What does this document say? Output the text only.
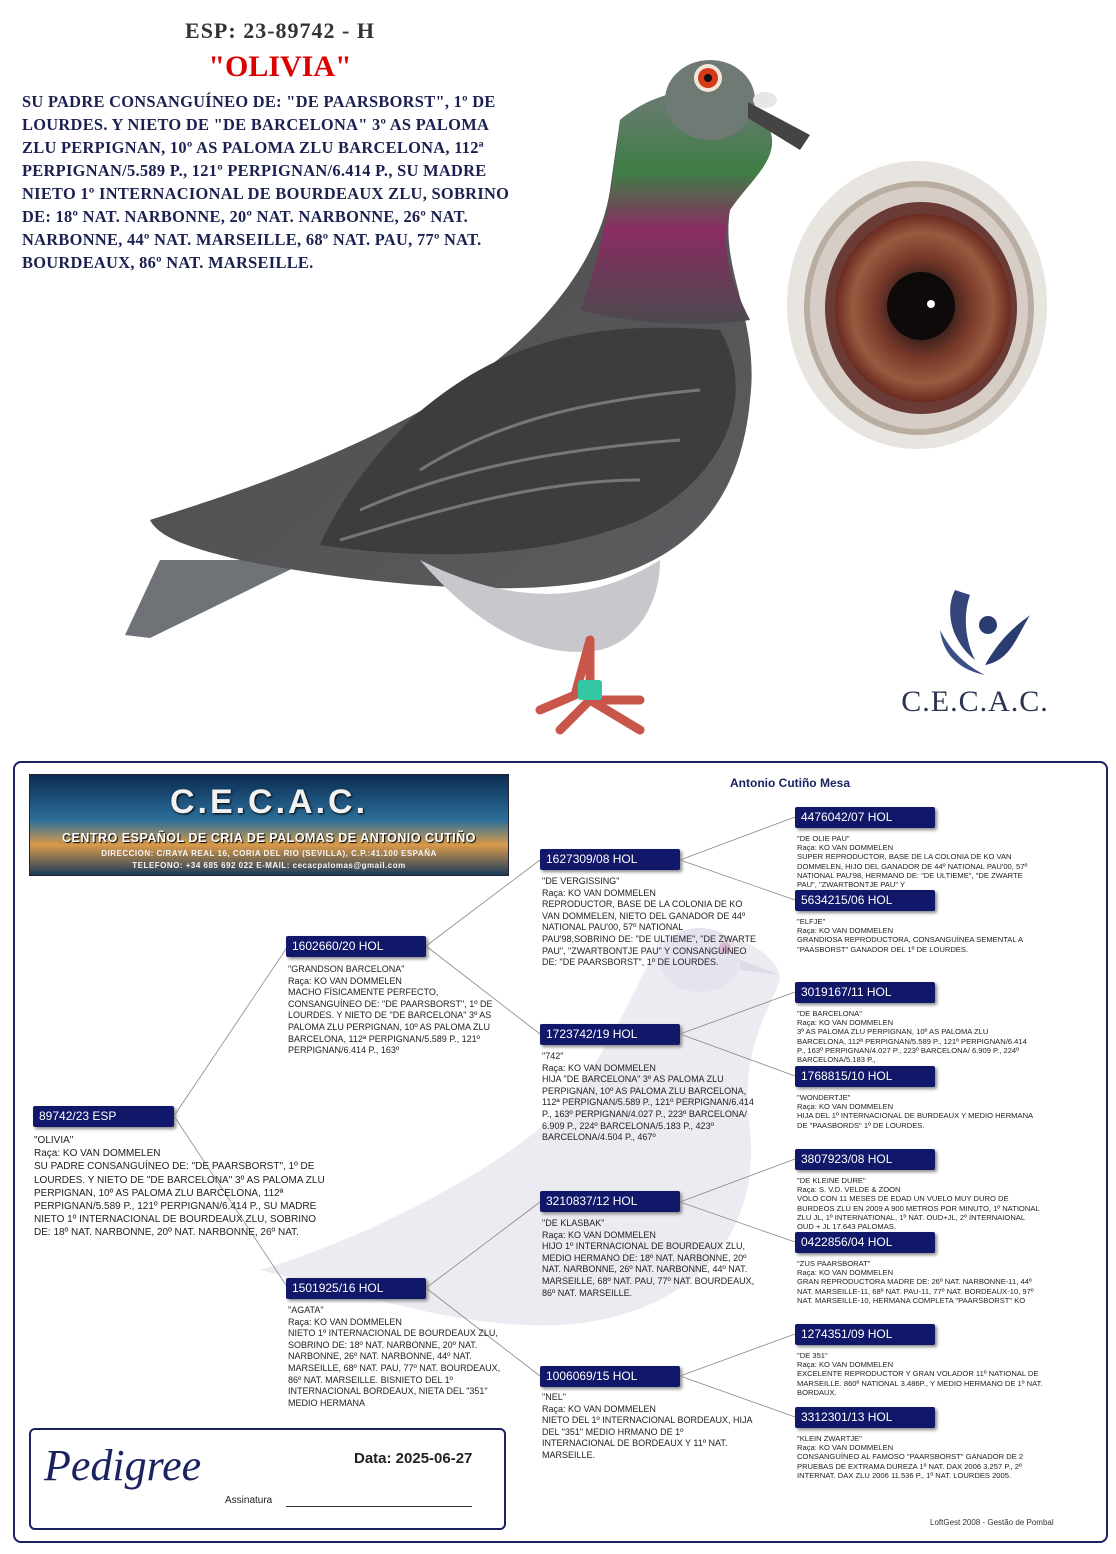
ESP: 23-89742 - H
"OLIVIA"
SU PADRE CONSANGUÍNEO DE: "DE PAARSBORST", 1º DE LOURDES. Y NIETO DE "DE BARCELONA" 3º AS PALOMA ZLU PERPIGNAN, 10º AS PALOMA ZLU BARCELONA, 112ª PERPIGNAN/5.589 P., 121º PERPIGNAN/6.414 P., SU MADRE NIETO 1º INTERNACIONAL DE BOURDEAUX ZLU, SOBRINO DE: 18º NAT. NARBONNE, 20º NAT. NARBONNE, 26º NAT. NARBONNE, 44º NAT. MARSEILLE, 68º NAT. PAU, 77º NAT. BOURDEAUX, 86º NAT. MARSEILLE.
C.E.C.A.C.
C.E.C.A.C.
CENTRO ESPAÑOL DE CRIA DE PALOMAS DE ANTONIO CUTIÑO
DIRECCION: C/RAYA REAL 16, CORIA DEL RIO (SEVILLA), C.P.:41.100 ESPAÑA
TELEFONO: +34 685 692 022 E-MAIL: cecacpalomas@gmail.com
Antonio Cutiño Mesa
89742/23 ESP
"OLIVIA"
Raça: KO VAN DOMMELEN
SU PADRE CONSANGUÍNEO DE: "DE PAARSBORST", 1º DE LOURDES. Y NIETO DE "DE BARCELONA" 3º AS PALOMA ZLU PERPIGNAN, 10º AS PALOMA ZLU BARCELONA, 112ª PERPIGNAN/5.589 P., 121º PERPIGNAN/6.414 P., SU MADRE NIETO 1º INTERNACIONAL DE BOURDEAUX ZLU, SOBRINO DE: 18º NAT. NARBONNE, 20º NAT. NARBONNE, 26º NAT.
1602660/20 HOL
"GRANDSON BARCELONA"
Raça: KO VAN DOMMELEN
MACHO FÍSICAMENTE PERFECTO, CONSANGUÍNEO DE: "DE PAARSBORST", 1º DE LOURDES. Y NIETO DE "DE BARCELONA" 3º AS PALOMA ZLU PERPIGNAN, 10º AS PALOMA ZLU BARCELONA, 112ª PERPIGNAN/5.589 P., 121º PERPIGNAN/6.414 P., 163º
1501925/16 HOL
"AGATA"
Raça: KO VAN DOMMELEN
NIETO 1º INTERNACIONAL DE BOURDEAUX ZLU, SOBRINO DE: 18º NAT. NARBONNE, 20º NAT. NARBONNE, 26º NAT. NARBONNE, 44º NAT. MARSEILLE, 68º NAT. PAU, 77º NAT. BOURDEAUX, 86º NAT. MARSEILLE. BISNIETO DEL 1º INTERNACIONAL BORDEAUX, NIETA DEL "351" MEDIO HERMANA
1627309/08 HOL
"DE VERGISSING"
Raça: KO VAN DOMMELEN
REPRODUCTOR, BASE DE LA COLONIA DE KO VAN DOMMELEN, NIETO DEL GANADOR DE 44º NATIONAL PAU'00, 57º NATIONAL PAU'98,SOBRINO DE: "DE ULTIEME", "DE ZWARTE PAU", "ZWARTBONTJE PAU" Y CONSANGUÍNEO DE: "DE PAARSBORST", 1º DE LOURDES.
1723742/19 HOL
"742"
Raça: KO VAN DOMMELEN
HIJA "DE BARCELONA" 3º AS PALOMA ZLU PERPIGNAN, 10º AS PALOMA ZLU BARCELONA, 112ª PERPIGNAN/5.589 P., 121º PERPIGNAN/6.414 P., 163º PERPIGNAN/4.027 P., 223º BARCELONA/ 6.909 P., 224º BARCELONA/5.183 P., 423º BARCELONA/4.504 P., 467º
3210837/12 HOL
"DE KLASBAK"
Raça: KO VAN DOMMELEN
HIJO 1º INTERNACIONAL DE BOURDEAUX ZLU, MEDIO HERMANO DE: 18º NAT. NARBONNE, 20º NAT. NARBONNE, 26º NAT. NARBONNE, 44º NAT. MARSEILLE, 68º NAT. PAU, 77º NAT. BOURDEAUX, 86º NAT. MARSEILLE.
1006069/15 HOL
"NEL"
Raça: KO VAN DOMMELEN
NIETO DEL 1º INTERNACIONAL BORDEAUX, HIJA DEL "351" MEDIO HRMANO DE 1º INTERNACIONAL DE BORDEAUX Y 11º NAT. MARSEILLE.
4476042/07 HOL
"DE OLIE PAU"
Raça: KO VAN DOMMELEN
SUPER REPRODUCTOR, BASE DE LA COLONIA DE KO VAN DOMMELEN, HIJO DEL GANADOR DE 44º NATIONAL PAU'00, 57º NATIONAL PAU'98, HERMANO DE: "DE ULTIEME", "DE ZWARTE PAU", "ZWARTBONTJE PAU" Y
5634215/06 HOL
"ELFJE"
Raça: KO VAN DOMMELEN
GRANDIOSA REPRODUCTORA, CONSANGUÍNEA SEMENTAL A "PAASBORST" GANADOR DEL 1º DE LOURDES.
3019167/11 HOL
"DE BARCELONA"
Raça: KO VAN DOMMELEN
3º AS PALOMA ZLU PERPIGNAN, 10º AS PALOMA ZLU BARCELONA, 112ª PERPIGNAN/5.589 P., 121º PERPIGNAN/6.414 P., 163º PERPIGNAN/4.027 P., 223º BARCELONA/ 6.909 P., 224º BARCELONA/5.183 P.,
1768815/10 HOL
"WONDERTJE"
Raça: KO VAN DOMMELEN
HIJA DEL 1º INTERNACIONAL DE BURDEAUX Y MEDIO HERMANA DE "PAASBORDS" 1º DE LOURDES.
3807923/08 HOL
"DE KLEINE DURE"
Raça: S. V.D. VELDE & ZOON
VOLO CON 11 MESES DE EDAD UN VUELO MUY DURO DE BURDEOS ZLU EN 2009 A 900 METROS POR MINUTO, 1º NATIONAL ZLU JL, 1º INTERNATIONAL, 1º NAT. OUD+JL, 2º INTERNAIONAL OUD + JL 17.643 PALOMAS.
0422856/04 HOL
"ZUS PAARSBORAT"
Raça: KO VAN DOMMELEN
GRAN REPRODUCTORA MADRE DE: 26º NAT. NARBONNE-11, 44º NAT. MARSEILLE-11, 68º NAT. PAU-11, 77º NAT. BORDEAUX-10, 97º NAT. MARSEILLE-10, HERMANA COMPLETA "PAARSBORST" KO
1274351/09 HOL
"DE 351"
Raça: KO VAN DOMMELEN
EXCELENTE REPRODUCTOR Y GRAN VOLADOR 11º NATIONAL DE MARSEILLE. 860º NATIONAL 3.486P., Y MEDIO HERMANO DE 1º NAT. BORDAUX.
3312301/13 HOL
"KLEIN ZWARTJE"
Raça: KO VAN DOMMELEN
CONSANGUÍNEO AL FAMOSO "PAARSBORST" GANADOR DE 2 PRUEBAS DE EXTRAMA DUREZA 1º NAT. DAX 2006 3.257 P., 2º INTERNAT. DAX ZLU 2006 11.536 P., 1º NAT. LOURDES 2005.
Pedigree	Data: 2025-06-27
Assinatura
LoftGest 2008 - Gestão de Pombal
